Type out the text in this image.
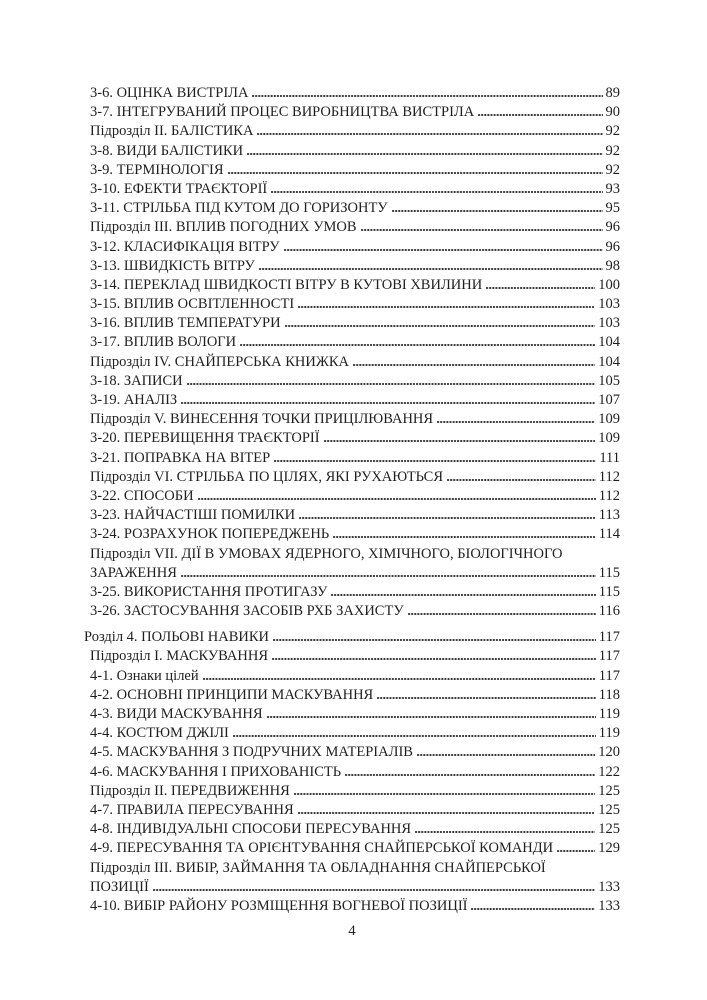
3-6. ОЦІНКА ВИСТРІЛА	89
3-7. ІНТЕГРУВАНИЙ ПРОЦЕС ВИРОБНИЦТВА ВИСТРІЛА	90
Підрозділ II. БАЛІСТИКА	92
3-8. ВИДИ БАЛІСТИКИ	92
3-9. ТЕРМІНОЛОГІЯ	92
3-10. ЕФЕКТИ ТРАЄКТОРІЇ	93
3-11. СТРІЛЬБА ПІД КУТОМ ДО ГОРИЗОНТУ	95
Підрозділ III. ВПЛИВ ПОГОДНИХ УМОВ	96
3-12. КЛАСИФІКАЦІЯ ВІТРУ	96
3-13. ШВИДКІСТЬ ВІТРУ	98
3-14. ПЕРЕКЛАД ШВИДКОСТІ ВІТРУ В КУТОВІ ХВИЛИНИ	100
3-15. ВПЛИВ ОСВІТЛЕННОСТІ	103
3-16. ВПЛИВ ТЕМПЕРАТУРИ	103
3-17. ВПЛИВ ВОЛОГИ	104
Підрозділ IV. СНАЙПЕРСЬКА КНИЖКА	104
3-18. ЗАПИСИ	105
3-19. АНАЛІЗ	107
Підрозділ V. ВИНЕСЕННЯ ТОЧКИ ПРИЦІЛЮВАННЯ	109
3-20. ПЕРЕВИЩЕННЯ ТРАЄКТОРІЇ	109
3-21. ПОПРАВКА НА ВІТЕР	111
Підрозділ VI. СТРІЛЬБА ПО ЦІЛЯХ, ЯКІ РУХАЮТЬСЯ	112
3-22. СПОСОБИ	112
3-23. НАЙЧАСТІШІ ПОМИЛКИ	113
3-24. РОЗРАХУНОК ПОПЕРЕДЖЕНЬ	114
Підрозділ VII. ДІЇ В УМОВАХ ЯДЕРНОГО, ХІМІЧНОГО, БІОЛОГІЧНОГО
ЗАРАЖЕННЯ	115
3-25. ВИКОРИСТАННЯ ПРОТИГАЗУ	115
3-26. ЗАСТОСУВАННЯ ЗАСОБІВ РХБ ЗАХИСТУ	116
Розділ 4. ПОЛЬОВІ НАВИКИ	117
Підрозділ I. МАСКУВАННЯ	117
4-1. Ознаки цілей	117
4-2. ОСНОВНІ ПРИНЦИПИ МАСКУВАННЯ	118
4-3. ВИДИ МАСКУВАННЯ	119
4-4. КОСТЮМ ДЖІЛІ	119
4-5. МАСКУВАННЯ З ПОДРУЧНИХ МАТЕРІАЛІВ	120
4-6. МАСКУВАННЯ І ПРИХОВАНІСТЬ	122
Підрозділ II. ПЕРЕДВИЖЕННЯ	125
4-7. ПРАВИЛА ПЕРЕСУВАННЯ	125
4-8. ІНДИВІДУАЛЬНІ СПОСОБИ ПЕРЕСУВАННЯ	125
4-9. ПЕРЕСУВАННЯ ТА ОРІЄНТУВАННЯ СНАЙПЕРСЬКОЇ КОМАНДИ	129
Підрозділ III. ВИБІР, ЗАЙМАННЯ ТА ОБЛАДНАННЯ СНАЙПЕРСЬКОЇ
ПОЗИЦІЇ	133
4-10. ВИБІР РАЙОНУ РОЗМІЩЕННЯ ВОГНЕВОЇ ПОЗИЦІЇ	133
4
